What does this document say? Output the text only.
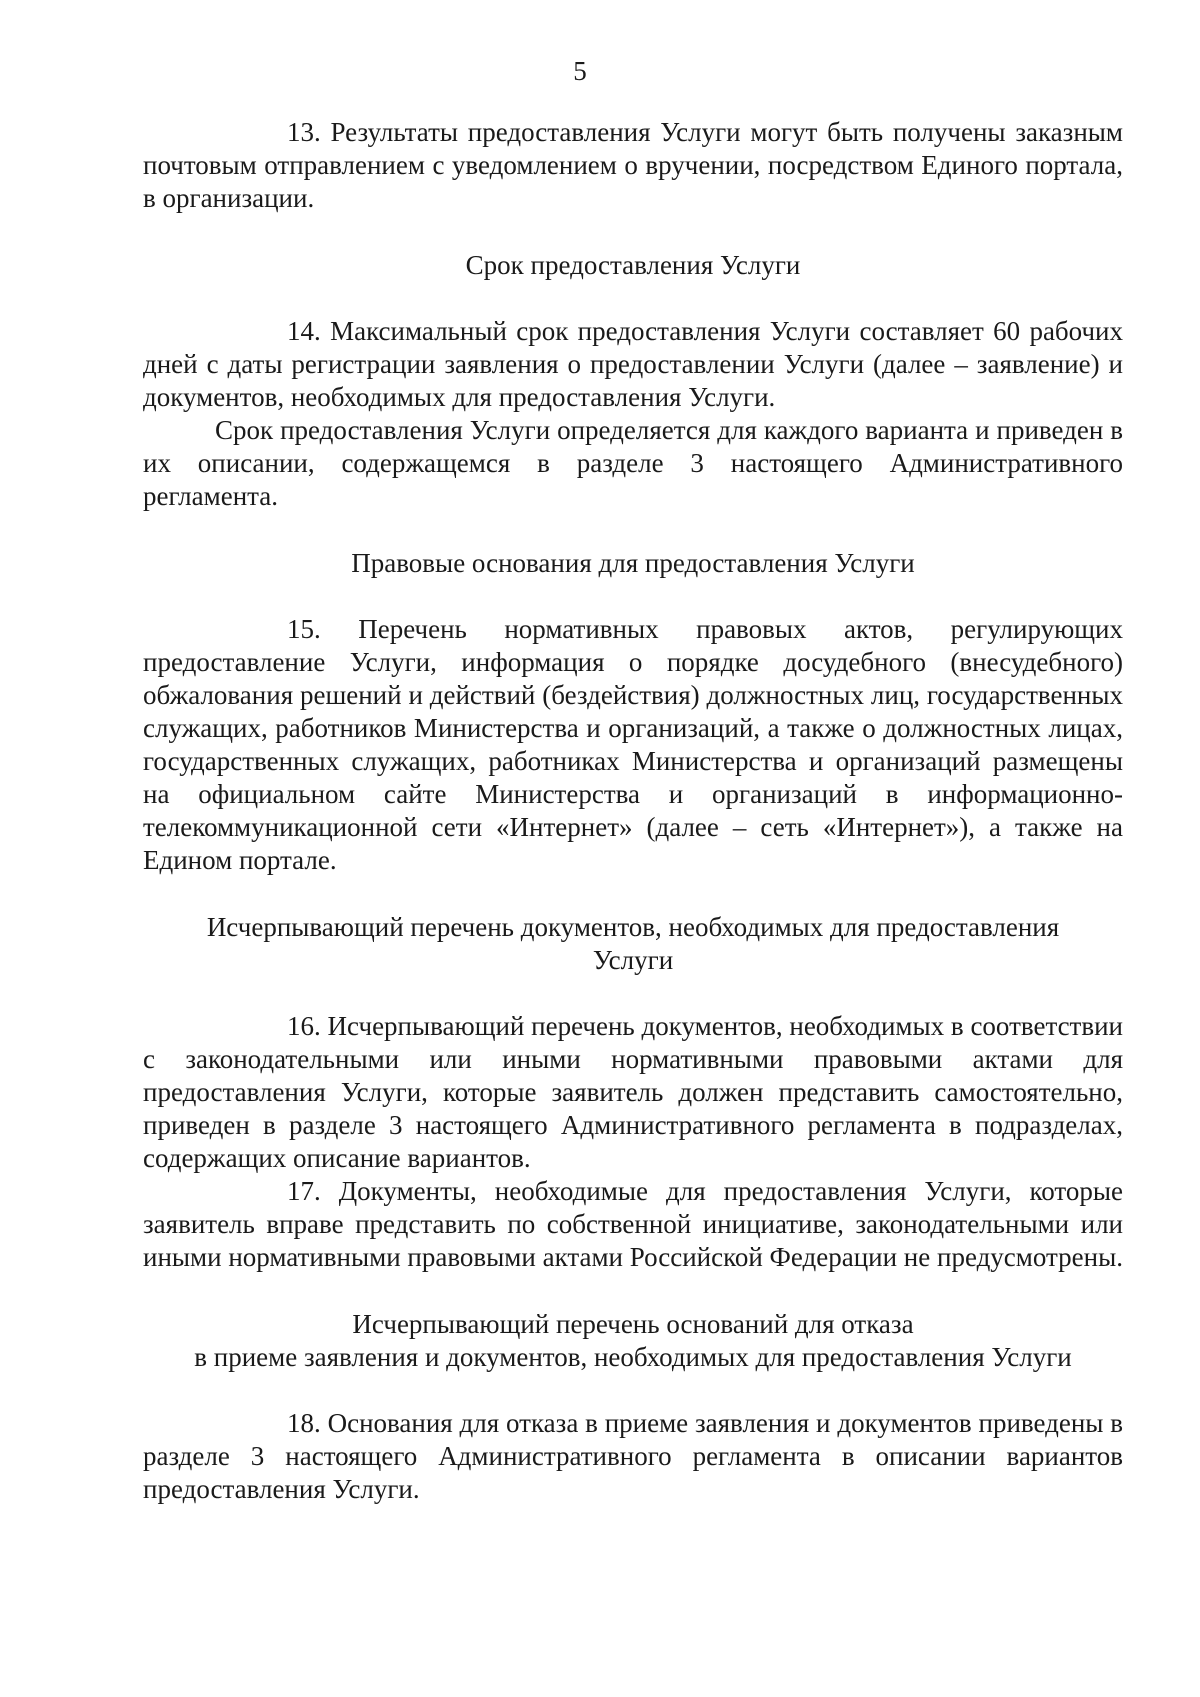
5

13. Результаты предоставления Услуги могут быть получены заказным почтовым отправлением с уведомлением о вручении, посредством Единого портала, в организации.

Срок предоставления Услуги

14. Максимальный срок предоставления Услуги составляет 60 рабочих дней с даты регистрации заявления о предоставлении Услуги (далее – заявление) и документов, необходимых для предоставления Услуги.

Срок предоставления Услуги определяется для каждого варианта и приведен в их описании, содержащемся в разделе 3 настоящего Административного регламента.

Правовые основания для предоставления Услуги

15. Перечень нормативных правовых актов, регулирующих предоставление Услуги, информация о порядке досудебного (внесудебного) обжалования решений и действий (бездействия) должностных лиц, государственных служащих, работников Министерства и организаций, а также о должностных лицах, государственных служащих, работниках Министерства и организаций размещены на официальном сайте Министерства и организаций в информационно-телекоммуникационной сети «Интернет» (далее – сеть «Интернет»), а также на Едином портале.

Исчерпывающий перечень документов, необходимых для предоставления

Услуги

16. Исчерпывающий перечень документов, необходимых в соответствии с законодательными или иными нормативными правовыми актами для предоставления Услуги, которые заявитель должен представить самостоятельно, приведен в разделе 3 настоящего Административного регламента в подразделах, содержащих описание вариантов.

17. Документы, необходимые для предоставления Услуги, которые заявитель вправе представить по собственной инициативе, законодательными или иными нормативными правовыми актами Российской Федерации не предусмотрены.

Исчерпывающий перечень оснований для отказа

в приеме заявления и документов, необходимых для предоставления Услуги

18. Основания для отказа в приеме заявления и документов приведены в разделе 3 настоящего Административного регламента в описании вариантов предоставления Услуги.
